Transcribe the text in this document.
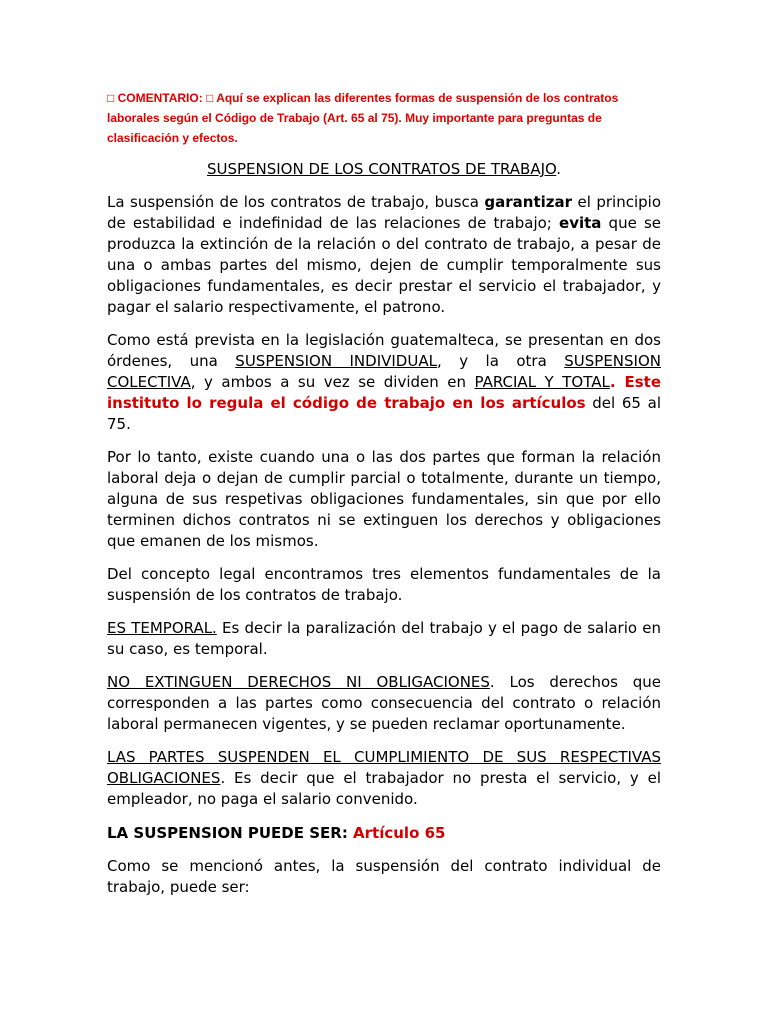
□ COMENTARIO: □ Aquí se explican las diferentes formas de suspensión de los contratos laborales según el Código de Trabajo (Art. 65 al 75). Muy importante para preguntas de clasificación y efectos.
SUSPENSION DE LOS CONTRATOS DE TRABAJO.

La suspensión de los contratos de trabajo, busca garantizar el principio de estabilidad e indefinidad de las relaciones de trabajo; evita que se produzca la extinción de la relación o del contrato de trabajo, a pesar de una o ambas partes del mismo, dejen de cumplir temporalmente sus obligaciones fundamentales, es decir prestar el servicio el trabajador, y pagar el salario respectivamente, el patrono.

Como está prevista en la legislación guatemalteca, se presentan en dos órdenes, una SUSPENSION INDIVIDUAL, y la otra SUSPENSION COLECTIVA, y ambos a su vez se dividen en PARCIAL Y TOTAL. Este instituto lo regula el código de trabajo en los artículos del 65 al 75.

Por lo tanto, existe cuando una o las dos partes que forman la relación laboral deja o dejan de cumplir parcial o totalmente, durante un tiempo, alguna de sus respetivas obligaciones fundamentales, sin que por ello terminen dichos contratos ni se extinguen los derechos y obligaciones que emanen de los mismos.

Del concepto legal encontramos tres elementos fundamentales de la suspensión de los contratos de trabajo.

ES TEMPORAL. Es decir la paralización del trabajo y el pago de salario en su caso, es temporal.

NO EXTINGUEN DERECHOS NI OBLIGACIONES. Los derechos que corresponden a las partes como consecuencia del contrato o relación laboral permanecen vigentes, y se pueden reclamar oportunamente.

LAS PARTES SUSPENDEN EL CUMPLIMIENTO DE SUS RESPECTIVAS OBLIGACIONES. Es decir que el trabajador no presta el servicio, y el empleador, no paga el salario convenido.

LA SUSPENSION PUEDE SER: Artículo 65

Como se mencionó antes, la suspensión del contrato individual de trabajo, puede ser:
